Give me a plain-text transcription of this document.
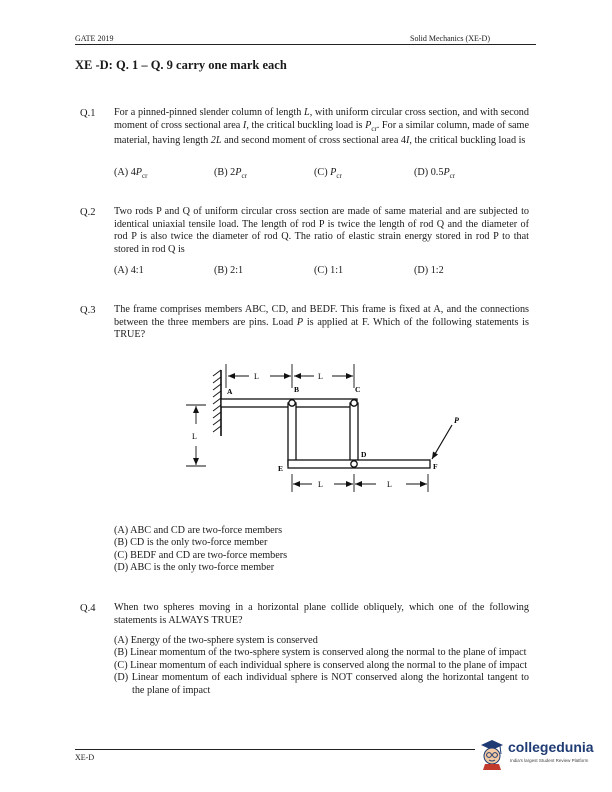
GATE 2019	Solid Mechanics (XE-D)
XE -D: Q. 1 – Q. 9 carry one mark each
Q.1 For a pinned-pinned slender column of length L, with uniform circular cross section, and with second moment of cross sectional area I, the critical buckling load is $P_{cr}$. For a similar column, made of same material, having length 2L and second moment of cross sectional area 4I, the critical buckling load is
(A) $4P_{cr}$	(B) $2P_{cr}$	(C) $P_{cr}$	(D) $0.5P_{cr}$
Q.2 Two rods P and Q of uniform circular cross section are made of same material and are subjected to identical uniaxial tensile load. The length of rod P is twice the length of rod Q and the diameter of rod P is also twice the diameter of rod Q. The ratio of elastic strain energy stored in rod P to that stored in rod Q is
(A) 4:1	(B) 2:1	(C) 1:1	(D) 1:2
Q.3 The frame comprises members ABC, CD, and BEDF. This frame is fixed at A, and the connections between the three members are pins. Load P is applied at F. Which of the following statements is TRUE?
A	B	C
D
E	F
P
L	L
L
L	L
(A) ABC and CD are two-force members
(B) CD is the only two-force member
(C) BEDF and CD are two-force members
(D) ABC is the only two-force member
Q.4 When two spheres moving in a horizontal plane collide obliquely, which one of the following statements is ALWAYS TRUE?
(A) Energy of the two-sphere system is conserved
(B) Linear momentum of the two-sphere system is conserved along the normal to the plane of impact
(C) Linear momentum of each individual sphere is conserved along the normal to the plane of impact
(D) Linear momentum of each individual sphere is NOT conserved along the horizontal tangent to the plane of impact
XE-D
collegedunia
India's largest Student Review Platform
